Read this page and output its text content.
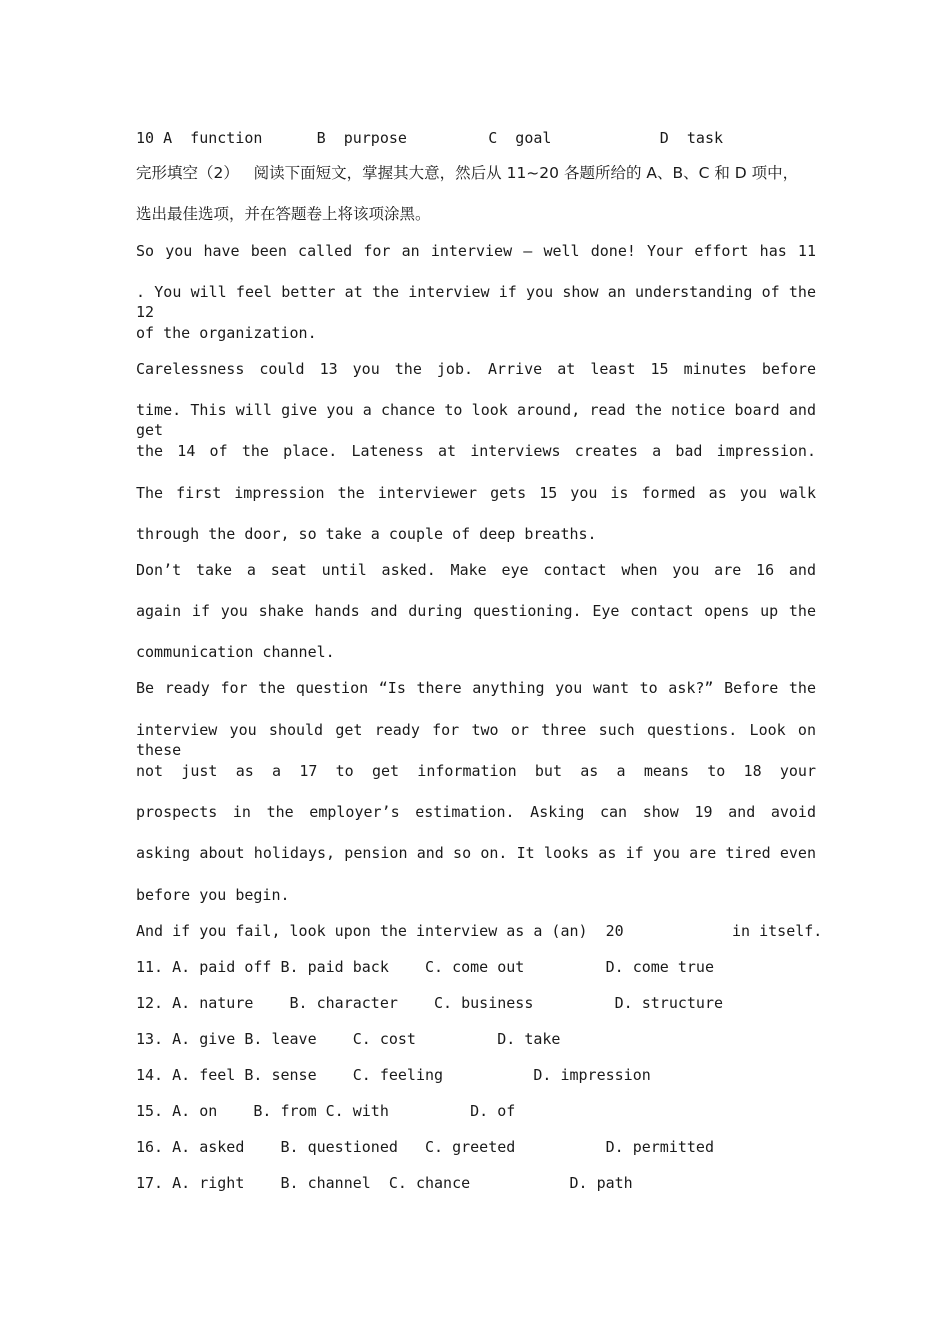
10 A  function      B  purpose         C  goal            D  task

完形填空（2） 阅读下面短文，掌握其大意，然后从 11~20 各题所给的 A、B、C 和 D 项中，

选出最佳选项，并在答题卷上将该项涂黑。

So you have been called for an interview — well done! Your effort has 11

. You will feel better at the interview if you show an understanding of the 12

of the organization.

Carelessness could 13 you the job. Arrive at least 15 minutes before

time. This will give you a chance to look around, read the notice board and get

the 14 of the place. Lateness at interviews creates a bad impression.

The first impression the interviewer gets 15 you is formed as you walk

through the door, so take a couple of deep breaths.

Don’t take a seat until asked. Make eye contact when you are 16 and

again if you shake hands and during questioning. Eye contact opens up the

communication channel.

Be ready for the question “Is there anything you want to ask?” Before the

interview you should get ready for two or three such questions. Look on these

not just as a 17 to get information but as a means to 18 your

prospects in the employer’s estimation. Asking can show 19 and avoid

asking about holidays, pension and so on. It looks as if you are tired even

before you begin.

And if you fail, look upon the interview as a (an)  20            in itself.

11. A. paid off B. paid back    C. come out         D. come true

12. A. nature    B. character    C. business         D. structure

13. A. give B. leave    C. cost         D. take

14. A. feel B. sense    C. feeling          D. impression

15. A. on    B. from C. with         D. of

16. A. asked    B. questioned   C. greeted          D. permitted

17. A. right    B. channel  C. chance           D. path
